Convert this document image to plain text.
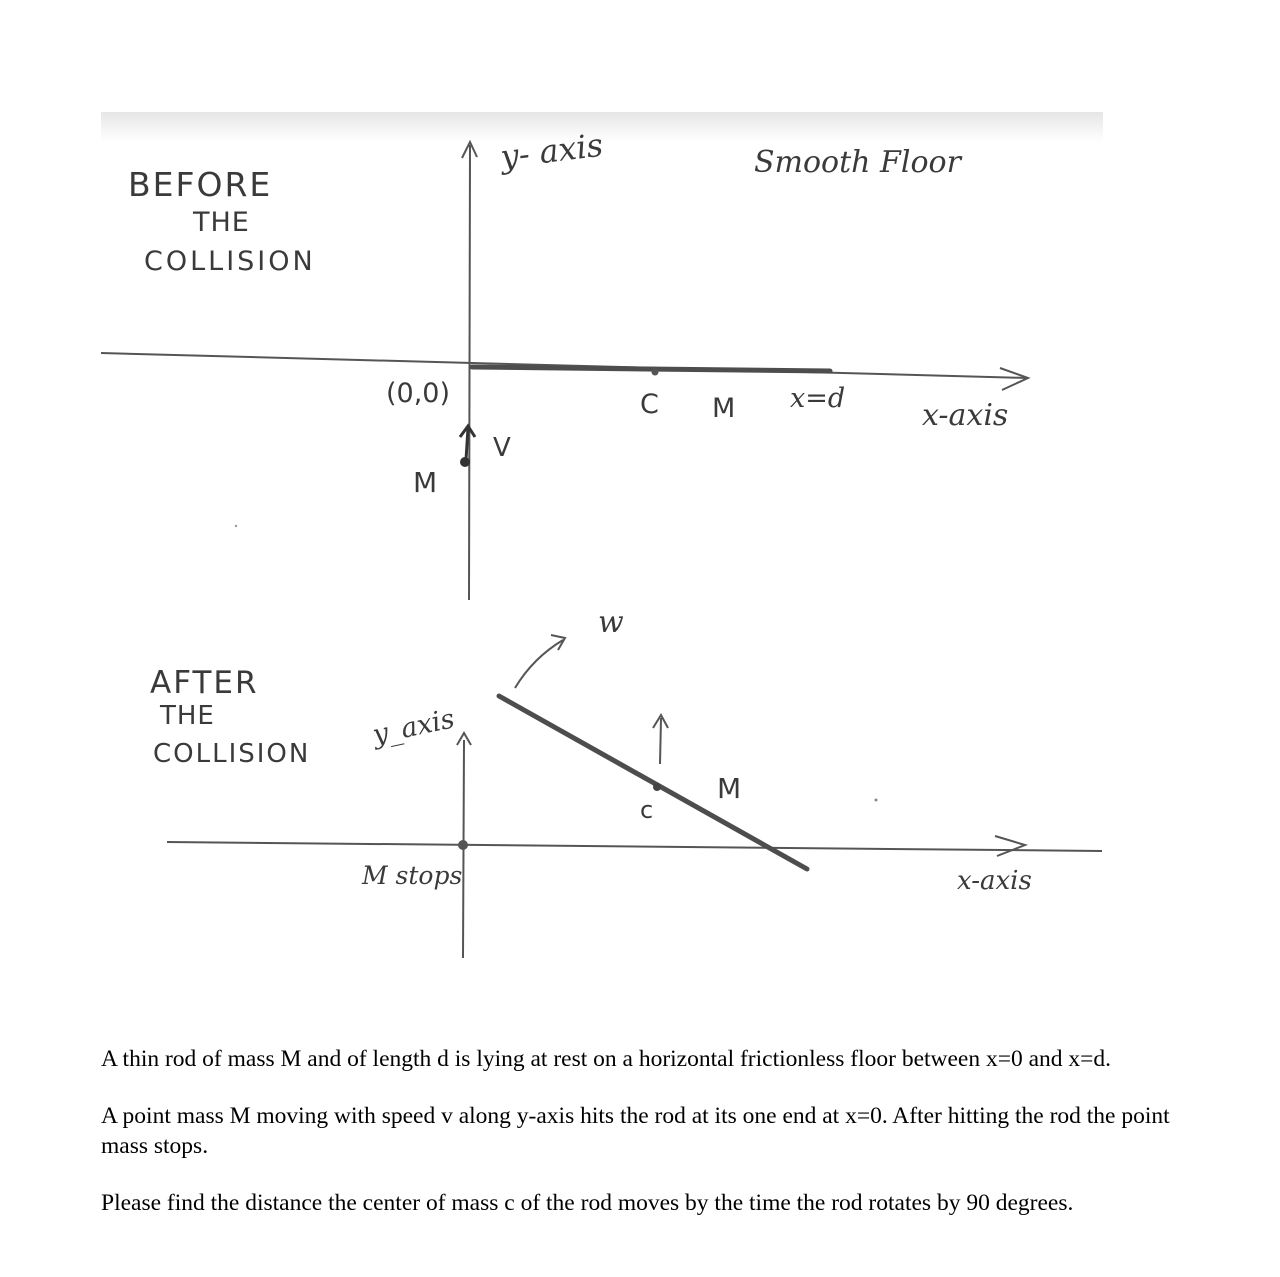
BEFORE
THE
COLLISION
y- axis	Smooth Floor
x-axis
(0,0)	C M x=d
V
M
AFTER
THE
COLLISION
w
y_axis
x-axis
c
M
M stops

A thin rod of mass M and of length d is lying at rest on a horizontal frictionless floor between x=0 and x=d.

A point mass M moving with speed v along y-axis hits the rod at its one end at x=0. After hitting the rod the point mass stops.

Please find the distance the center of mass c of the rod moves by the time the rod rotates by 90 degrees.
